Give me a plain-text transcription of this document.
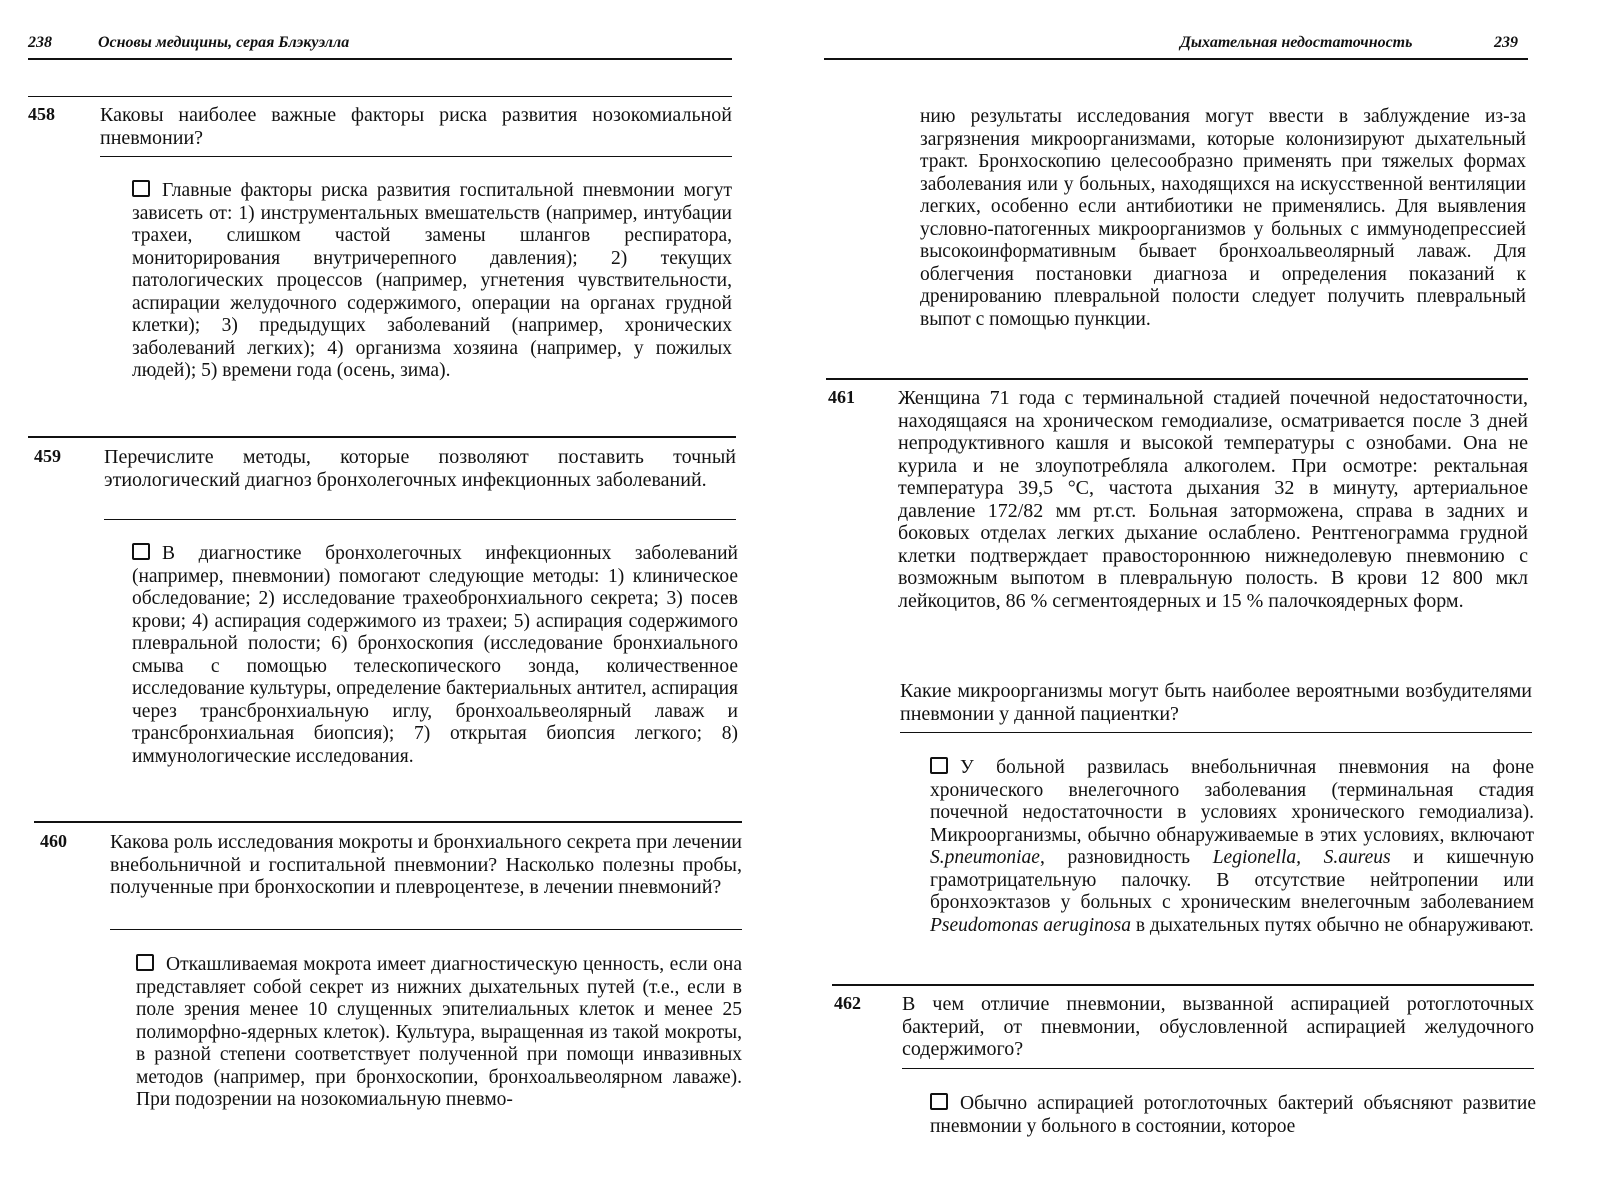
238	Основы медицины, серая Блэкуэлла
458 Каковы наиболее важные факторы риска развития нозокомиальной пневмонии?
Главные факторы риска развития госпитальной пневмонии могут зависеть от: 1) инструментальных вмешательств (например, интубации трахеи, слишком частой замены шлангов респиратора, мониторирования внутричерепного давления); 2) текущих патологических процессов (например, угнетения чувствительности, аспирации желудочного содержимого, операции на органах грудной клетки); 3) предыдущих заболеваний (например, хронических заболеваний легких); 4) организма хозяина (например, у пожилых людей); 5) времени года (осень, зима).
459 Перечислите методы, которые позволяют поставить точный этиологический диагноз бронхолегочных инфекционных заболеваний.
В диагностике бронхолегочных инфекционных заболеваний (например, пневмонии) помогают следующие методы: 1) клиническое обследование; 2) исследование трахеобронхиального секрета; 3) посев крови; 4) аспирация содержимого из трахеи; 5) аспирация содержимого плевральной полости; 6) бронхоскопия (исследование бронхиального смыва с помощью телескопического зонда, количественное исследование культуры, определение бактериальных антител, аспирация через трансбронхиальную иглу, бронхоальвеолярный лаваж и трансбронхиальная биопсия); 7) открытая биопсия легкого; 8) иммунологические исследования.
460 Какова роль исследования мокроты и бронхиального секрета при лечении внебольничной и госпитальной пневмонии? Насколько полезны пробы, полученные при бронхоскопии и плевроцентезе, в лечении пневмоний?
Откашливаемая мокрота имеет диагностическую ценность, если она представляет собой секрет из нижних дыхательных путей (т.е., если в поле зрения менее 10 слущенных эпителиальных клеток и менее 25 полиморфно-ядерных клеток). Культура, выращенная из такой мокроты, в разной степени соответствует полученной при помощи инвазивных методов (например, при бронхоскопии, бронхоальвеолярном лаваже). При подозрении на нозокомиальную пневмо-
Дыхательная недостаточность	239
нию результаты исследования могут ввести в заблуждение из-за загрязнения микроорганизмами, которые колонизируют дыхательный тракт. Бронхоскопию целесообразно применять при тяжелых формах заболевания или у больных, находящихся на искусственной вентиляции легких, особенно если антибиотики не применялись. Для выявления условно-патогенных микроорганизмов у больных с иммунодепрессией высокоинформативным бывает бронхоальвеолярный лаваж. Для облегчения постановки диагноза и определения показаний к дренированию плевральной полости следует получить плевральный выпот с помощью пункции.
461 Женщина 71 года с терминальной стадией почечной недостаточности, находящаяся на хроническом гемодиализе, осматривается после 3 дней непродуктивного кашля и высокой температуры с ознобами. Она не курила и не злоупотребляла алкоголем. При осмотре: ректальная температура 39,5 °С, частота дыхания 32 в минуту, артериальное давление 172/82 мм рт.ст. Больная заторможена, справа в задних и боковых отделах легких дыхание ослаблено. Рентгенограмма грудной клетки подтверждает правостороннюю нижнедолевую пневмонию с возможным выпотом в плевральную полость. В крови 12 800 мкл лейкоцитов, 86 % сегментоядерных и 15 % палочкоядерных форм.
Какие микроорганизмы могут быть наиболее вероятными возбудителями пневмонии у данной пациентки?
У больной развилась внебольничная пневмония на фоне хронического внелегочного заболевания (терминальная стадия почечной недостаточности в условиях хронического гемодиализа). Микроорганизмы, обычно обнаруживаемые в этих условиях, включают S.pneumoniae, разновидность Legionella, S.aureus и кишечную грамотрицательную палочку. В отсутствие нейтропении или бронхоэктазов у больных с хроническим внелегочным заболеванием Pseudomonas aeruginosa в дыхательных путях обычно не обнаруживают.
462 В чем отличие пневмонии, вызванной аспирацией ротоглоточных бактерий, от пневмонии, обусловленной аспирацией желудочного содержимого?
Обычно аспирацией ротоглоточных бактерий объясняют развитие пневмонии у больного в состоянии, которое
